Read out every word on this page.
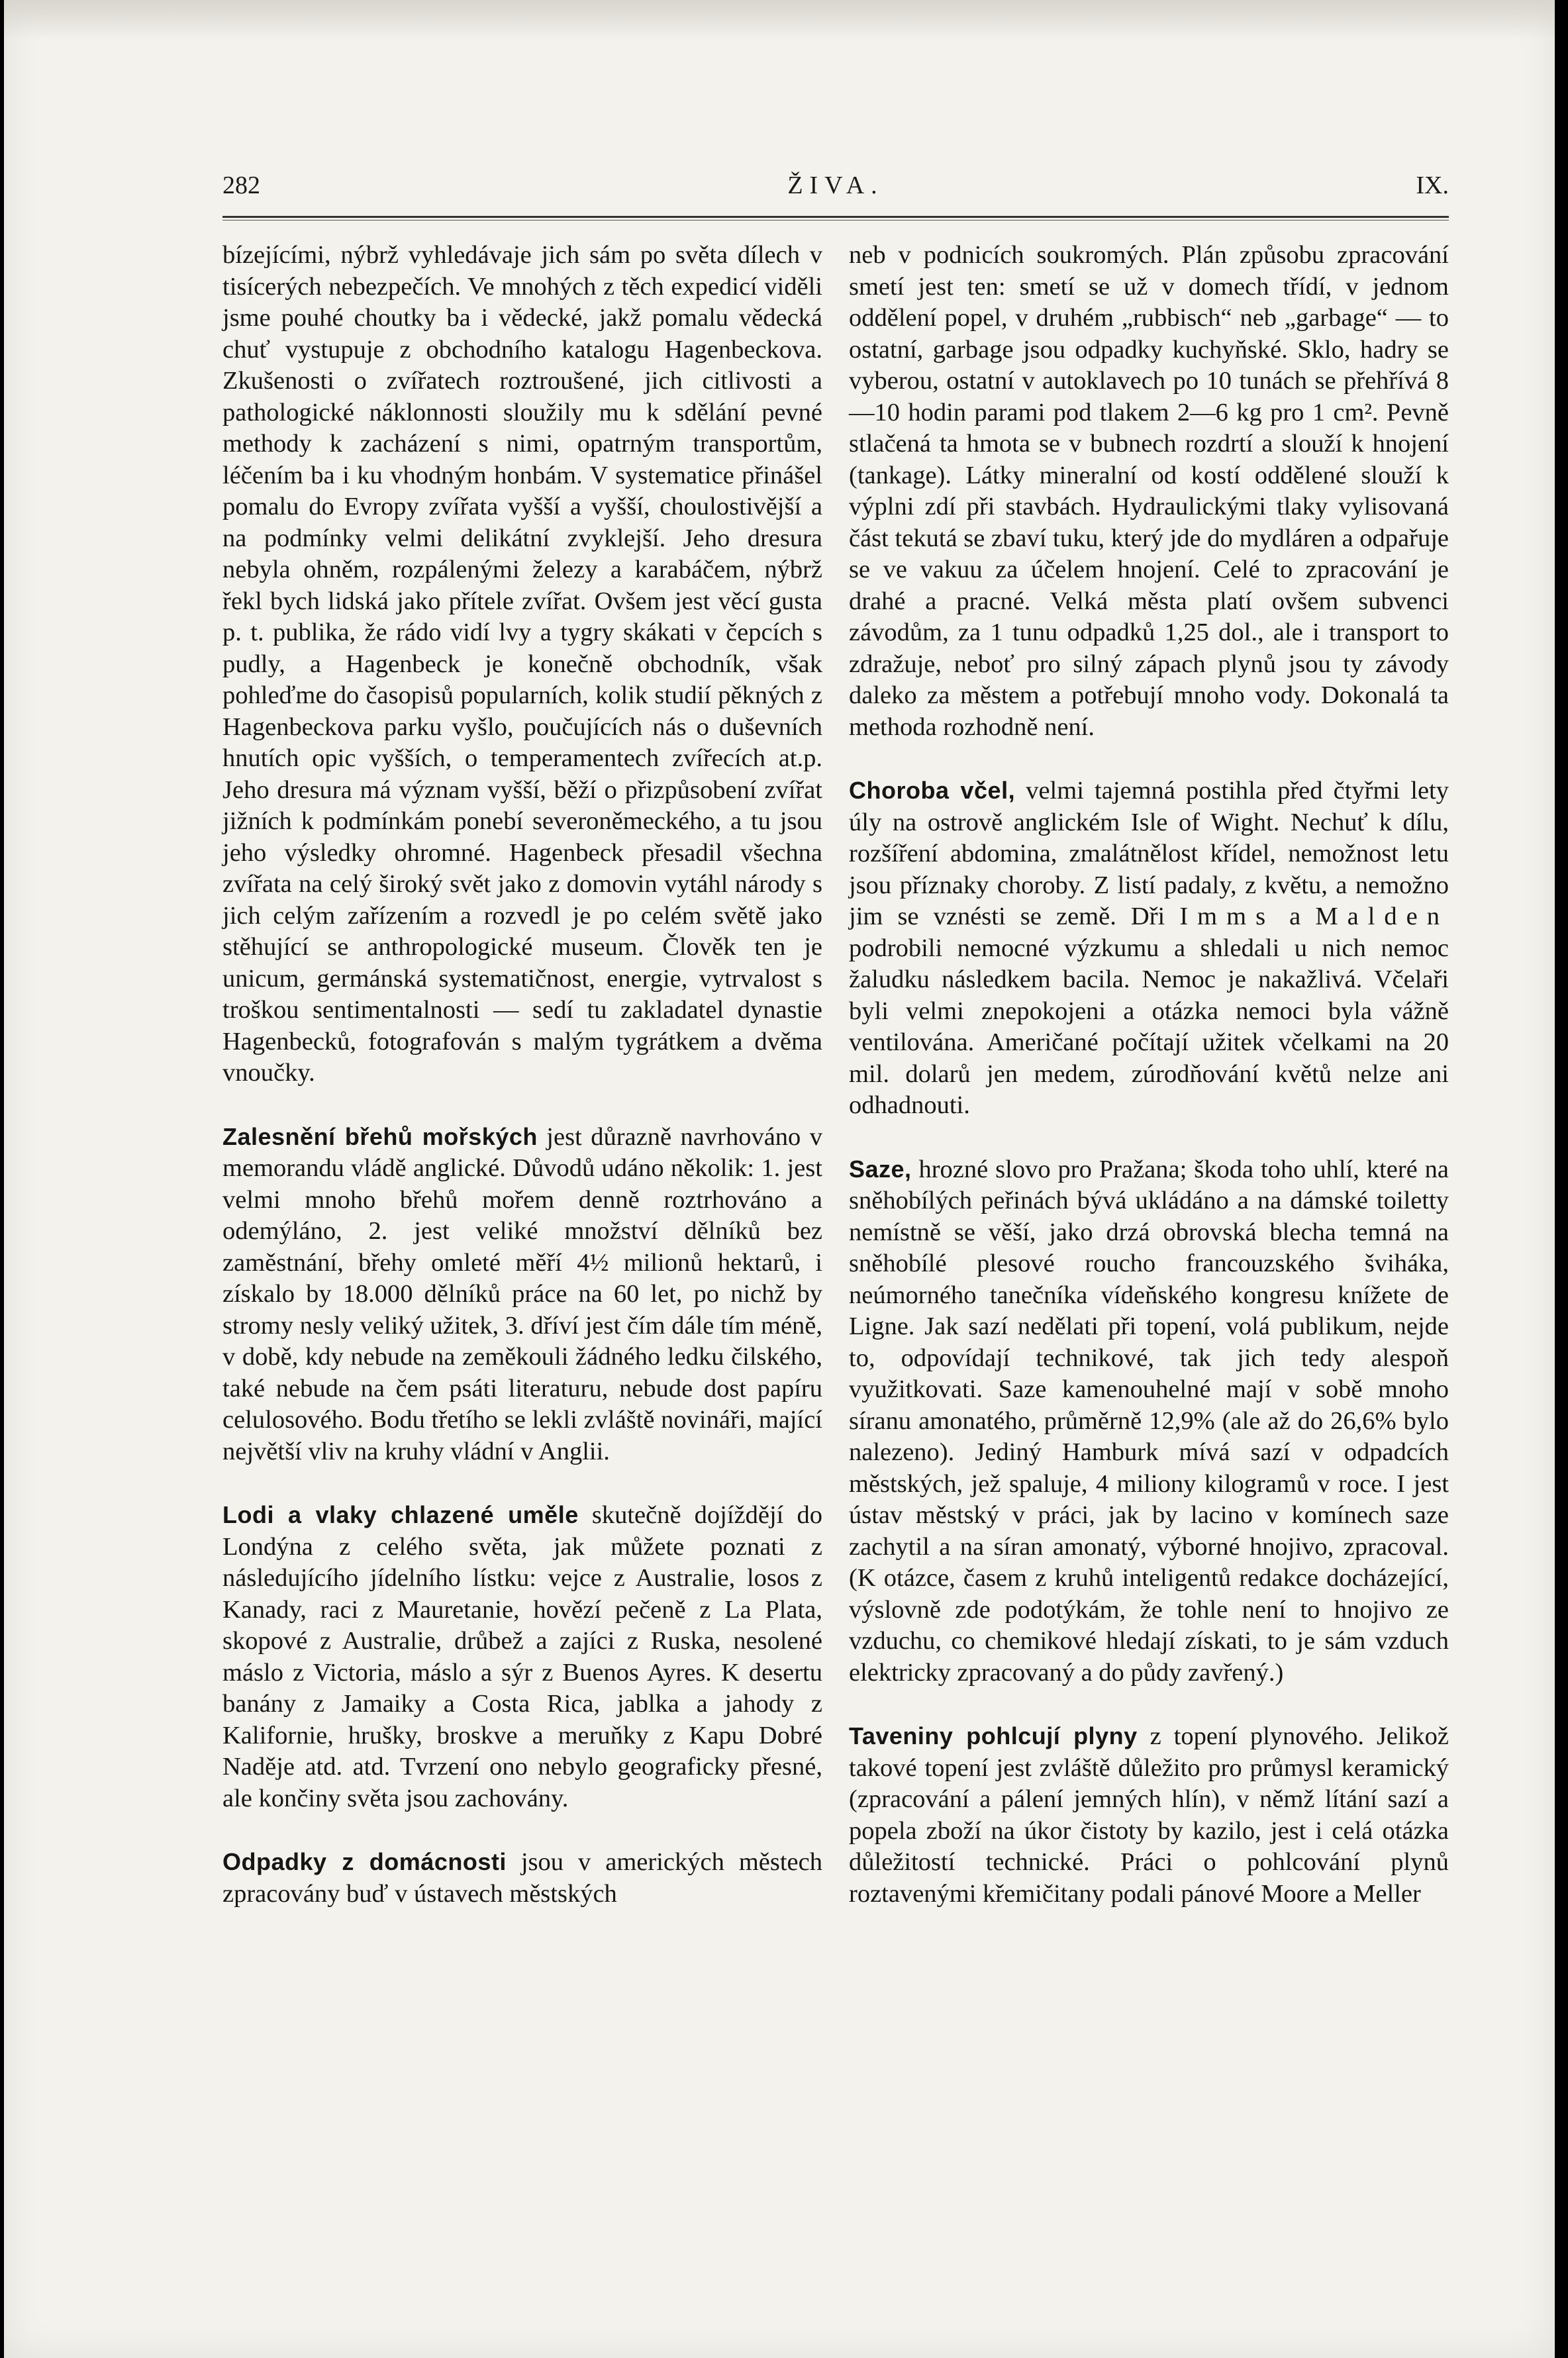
282	ŽIVA.	IX.

bízejícími, nýbrž vyhledávaje jich sám po světa dílech v tisícerých nebezpečích. Ve mnohých z těch expedicí viděli jsme pouhé choutky ba i vědecké, jakž pomalu vědecká chuť vystupuje z obchodního katalogu Hagenbeckova. Zkušenosti o zvířatech roztroušené, jich citlivosti a pathologické náklonnosti sloužily mu k sdělání pevné methody k zacházení s nimi, opatrným transportům, léčením ba i ku vhodným honbám. V systematice přinášel pomalu do Evropy zvířata vyšší a vyšší, choulostivější a na podmínky velmi delikátní zvyklejší. Jeho dresura nebyla ohněm, rozpálenými železy a karabáčem, nýbrž řekl bych lidská jako přítele zvířat. Ovšem jest věcí gusta p. t. publika, že rádo vidí lvy a tygry skákati v čepcích s pudly, a Hagenbeck je konečně obchodník, však pohleďme do časopisů popularních, kolik studií pěkných z Hagenbeckova parku vyšlo, poučujících nás o duševních hnutích opic vyšších, o temperamentech zvířecích at.p. Jeho dresura má význam vyšší, běží o přizpůsobení zvířat jižních k podmínkám ponebí severoněmeckého, a tu jsou jeho výsledky ohromné. Hagenbeck přesadil všechna zvířata na celý široký svět jako z domovin vytáhl národy s jich celým zařízením a rozvedl je po celém světě jako stěhující se anthropologické museum. Člověk ten je unicum, germánská systematičnost, energie, vytrvalost s troškou sentimentalnosti — sedí tu zakladatel dynastie Hagenbecků, fotografován s malým tygrátkem a dvěma vnoučky.

Zalesnění břehů mořských jest důrazně navrhováno v memorandu vládě anglické. Důvodů udáno několik: 1. jest velmi mnoho břehů mořem denně roztrhováno a odemýláno, 2. jest veliké množství dělníků bez zaměstnání, břehy omleté měří 4½ milionů hektarů, i získalo by 18.000 dělníků práce na 60 let, po nichž by stromy nesly veliký užitek, 3. dříví jest čím dále tím méně, v době, kdy nebude na zeměkouli žádného ledku čilského, také nebude na čem psáti literaturu, nebude dost papíru celulosového. Bodu třetího se lekli zvláště novináři, mající největší vliv na kruhy vládní v Anglii.

Lodi a vlaky chlazené uměle skutečně dojíždějí do Londýna z celého světa, jak můžete poznati z následujícího jídelního lístku: vejce z Australie, losos z Kanady, raci z Mauretanie, hovězí pečeně z La Plata, skopové z Australie, drůbež a zajíci z Ruska, nesolené máslo z Victoria, máslo a sýr z Buenos Ayres. K desertu banány z Jamaiky a Costa Rica, jablka a jahody z Kalifornie, hrušky, broskve a meruňky z Kapu Dobré Naděje atd. atd. Tvrzení ono nebylo geograficky přesné, ale končiny světa jsou zachovány.

Odpadky z domácnosti jsou v amerických městech zpracovány buď v ústavech městských

neb v podnicích soukromých. Plán způsobu zpracování smetí jest ten: smetí se už v domech třídí, v jednom oddělení popel, v druhém „rubbisch“ neb „garbage“ — to ostatní, garbage jsou odpadky kuchyňské. Sklo, hadry se vyberou, ostatní v autoklavech po 10 tunách se přehřívá 8—10 hodin parami pod tlakem 2—6 kg pro 1 cm². Pevně stlačená ta hmota se v bubnech rozdrtí a slouží k hnojení (tankage). Látky mineralní od kostí oddělené slouží k výplni zdí při stavbách. Hydraulickými tlaky vylisovaná část tekutá se zbaví tuku, který jde do mydláren a odpařuje se ve vakuu za účelem hnojení. Celé to zpracování je drahé a pracné. Velká města platí ovšem subvenci závodům, za 1 tunu odpadků 1,25 dol., ale i transport to zdražuje, neboť pro silný zápach plynů jsou ty závody daleko za městem a potřebují mnoho vody. Dokonalá ta methoda rozhodně není.

Choroba včel, velmi tajemná postihla před čtyřmi lety úly na ostrově anglickém Isle of Wight. Nechuť k dílu, rozšíření abdomina, zmalátnělost křídel, nemožnost letu jsou příznaky choroby. Z listí padaly, z květu, a nemožno jim se vznésti se země. Dři Imms a Malden podrobili nemocné výzkumu a shledali u nich nemoc žaludku následkem bacila. Nemoc je nakažlivá. Včelaři byli velmi znepokojeni a otázka nemoci byla vážně ventilována. Američané počítají užitek včelkami na 20 mil. dolarů jen medem, zúrodňování květů nelze ani odhadnouti.

Saze, hrozné slovo pro Pražana; škoda toho uhlí, které na sněhobílých peřinách bývá ukládáno a na dámské toiletty nemístně se věší, jako drzá obrovská blecha temná na sněhobílé plesové roucho francouzského šviháka, neúmorného tanečníka vídeňského kongresu knížete de Ligne. Jak sazí nedělati při topení, volá publikum, nejde to, odpovídají technikové, tak jich tedy alespoň využitkovati. Saze kamenouhelné mají v sobě mnoho síranu amonatého, průměrně 12,9% (ale až do 26,6% bylo nalezeno). Jediný Hamburk mívá sazí v odpadcích městských, jež spaluje, 4 miliony kilogramů v roce. I jest ústav městský v práci, jak by lacino v komínech saze zachytil a na síran amonatý, výborné hnojivo, zpracoval. (K otázce, časem z kruhů inteligentů redakce docházející, výslovně zde podotýkám, že tohle není to hnojivo ze vzduchu, co chemikové hledají získati, to je sám vzduch elektricky zpracovaný a do půdy zavřený.)

Taveniny pohlcují plyny z topení plynového. Jelikož takové topení jest zvláště důležito pro průmysl keramický (zpracování a pálení jemných hlín), v němž lítání sazí a popela zboží na úkor čistoty by kazilo, jest i celá otázka důležitostí technické. Práci o pohlcování plynů roztavenými křemičitany podali pánové Moore a Meller
